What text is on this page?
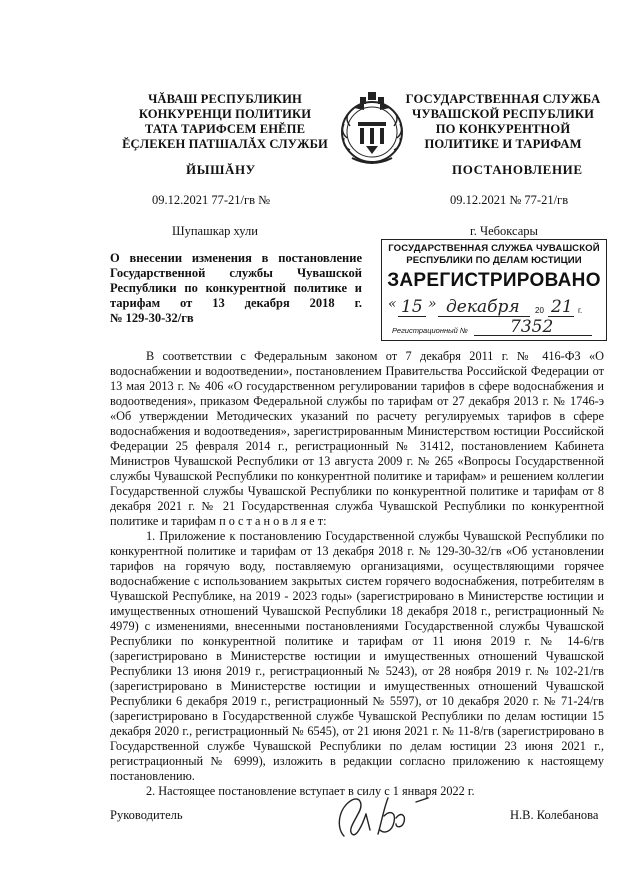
ЧĂВАШ РЕСПУБЛИКИН
КОНКУРЕНЦИ ПОЛИТИКИ
ТАТА ТАРИФСЕМ ЕНĔПЕ
ĔҪЛЕКЕН ПАТШАЛĂХ СЛУЖБИ
ГОСУДАРСТВЕННАЯ СЛУЖБА
ЧУВАШСКОЙ РЕСПУБЛИКИ
ПО КОНКУРЕНТНОЙ
ПОЛИТИКЕ И ТАРИФАМ
ЙЫШĂНУ	ПОСТАНОВЛЕНИЕ
09.12.2021 77-21/гв №	09.12.2021 № 77-21/гв
Шупашкар хули	г. Чебоксары
О внесении изменения в постановление
Государственной службы Чувашской
Республики по конкурентной политике и
тарифам от 13 декабря 2018 г.
№ 129-30-32/гв
ГОСУДАРСТВЕННАЯ СЛУЖБА ЧУВАШСКОЙ
РЕСПУБЛИКИ ПО ДЕЛАМ ЮСТИЦИИ
ЗАРЕГИСТРИРОВАНО
« 15 » декабря 20 21 г.
Регистрационный № 7352

В соответствии с Федеральным законом от 7 декабря 2011 г. № 416-ФЗ «О водоснабжении и водоотведении», постановлением Правительства Российской Федерации от 13 мая 2013 г. № 406 «О государственном регулировании тарифов в сфере водоснабжения и водоотведения», приказом Федеральной службы по тарифам от 27 декабря 2013 г. № 1746-э «Об утверждении Методических указаний по расчету регулируемых тарифов в сфере водоснабжения и водоотведения», зарегистрированным Министерством юстиции Российской Федерации 25 февраля 2014 г., регистрационный № 31412, постановлением Кабинета Министров Чувашской Республики от 13 августа 2009 г. № 265 «Вопросы Государственной службы Чувашской Республики по конкурентной политике и тарифам» и решением коллегии Государственной службы Чувашской Республики по конкурентной политике и тарифам от 8 декабря 2021 г. № 21 Государственная служба Чувашской Республики по конкурентной политике и тарифам п о с т а н о в л я е т:

1. Приложение к постановлению Государственной службы Чувашской Республики по конкурентной политике и тарифам от 13 декабря 2018 г. № 129-30-32/гв «Об установлении тарифов на горячую воду, поставляемую организациями, осуществляющими горячее водоснабжение с использованием закрытых систем горячего водоснабжения, потребителям в Чувашской Республике, на 2019 - 2023 годы» (зарегистрировано в Министерстве юстиции и имущественных отношений Чувашской Республики 18 декабря 2018 г., регистрационный № 4979) с изменениями, внесенными постановлениями Государственной службы Чувашской Республики по конкурентной политике и тарифам от 11 июня 2019 г. № 14-6/гв (зарегистрировано в Министерстве юстиции и имущественных отношений Чувашской Республики 13 июня 2019 г., регистрационный № 5243), от 28 ноября 2019 г. № 102-21/гв (зарегистрировано в Министерстве юстиции и имущественных отношений Чувашской Республики 6 декабря 2019 г., регистрационный № 5597), от 10 декабря 2020 г. № 71-24/гв (зарегистрировано в Государственной службе Чувашской Республики по делам юстиции 15 декабря 2020 г., регистрационный № 6545), от 21 июня 2021 г. № 11-8/гв (зарегистрировано в Государственной службе Чувашской Республики по делам юстиции 23 июня 2021 г., регистрационный № 6999), изложить в редакции согласно приложению к настоящему постановлению.

2. Настоящее постановление вступает в силу с 1 января 2022 г.

Руководитель	Н.В. Колебанова
